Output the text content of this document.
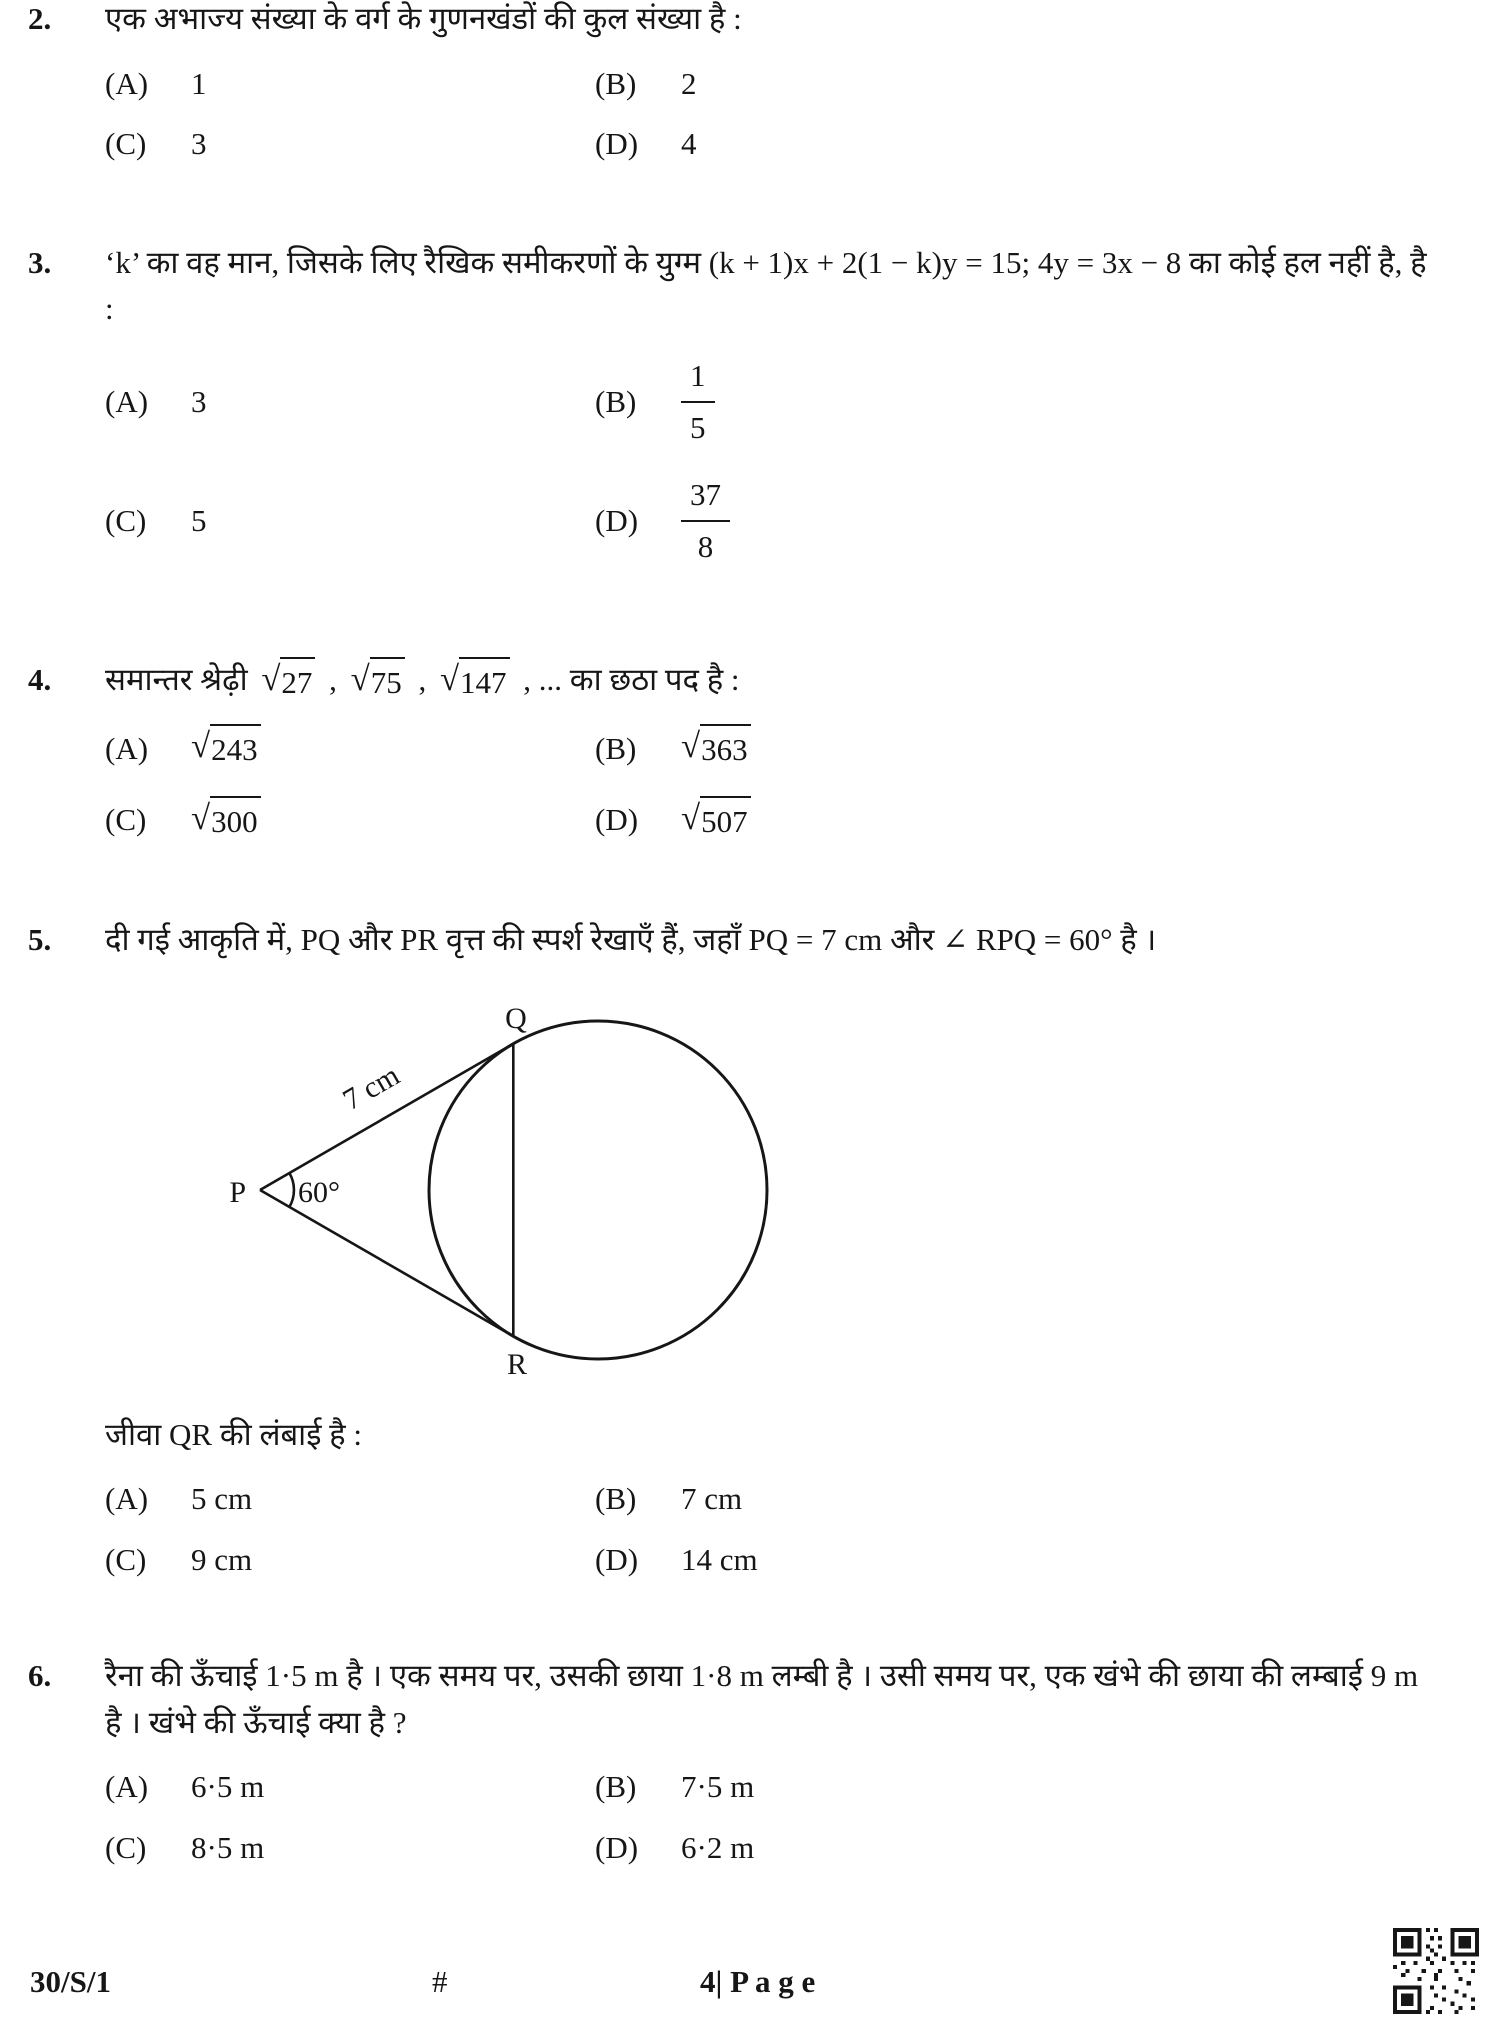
2.	एक अभाज्य संख्या के वर्ग के गुणनखंडों की कुल संख्या है :

(A)	1	(B)	2
(C)	3	(D)	4
3.	‘k’ का वह मान, जिसके लिए रैखिक समीकरणों के युग्म (k + 1)x + 2(1 − k)y = 15; 4y = 3x − 8 का कोई हल नहीं है, है :

(A)	3	(B)	$\frac{1}{5}$
(C)	5	(D)	$\frac{37}{8}$
4.	समान्तर श्रेढ़ी √ 27 , √ 75 , √ 147 , ... का छठा पद है :

(A)	√ 243	(B)	√ 363
(C)	√ 300	(D)	√ 507
5.	दी गई आकृति में, PQ और PR वृत्त की स्पर्श रेखाएँ हैं, जहाँ PQ = 7 cm और ∠ RPQ = 60° है ।

Q
R
P 60°
7 cm

जीवा QR की लंबाई है :

(A)	5 cm	(B)	7 cm
(C)	9 cm	(D)	14 cm
6.	रैना की ऊँचाई 1·5 m है । एक समय पर, उसकी छाया 1·8 m लम्बी है । उसी समय पर, एक खंभे की छाया की लम्बाई 9 m है । खंभे की ऊँचाई क्या है ?

(A)	6·5 m	(B)	7·5 m
(C)	8·5 m	(D)	6·2 m
30/S/1	#	4| P a g e
